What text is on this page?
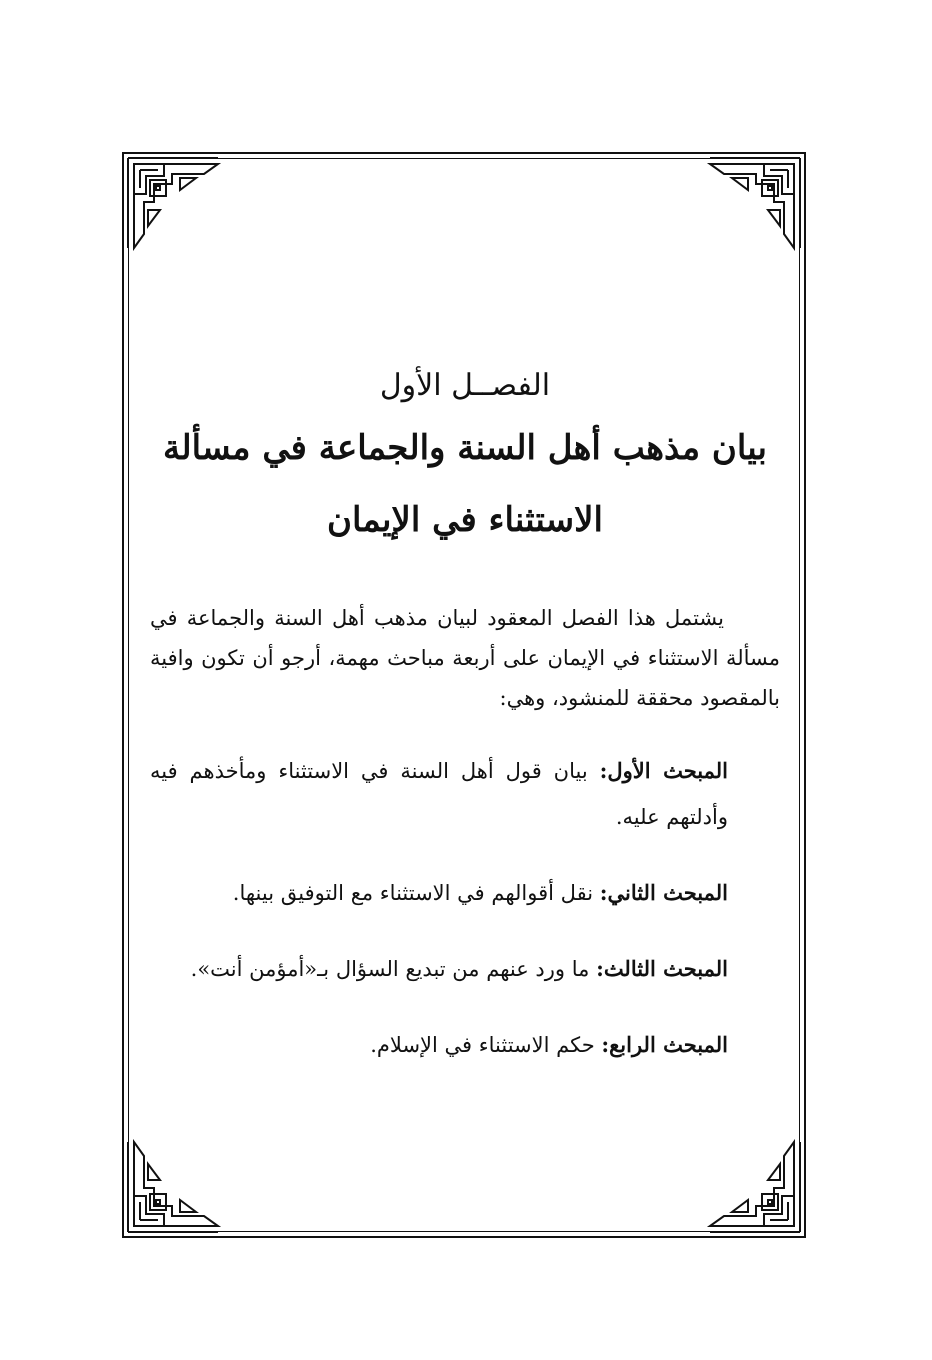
الفصــل الأول

بيان مذهب أهل السنة والجماعة في مسألة

الاستثناء في الإيمان

يشتمل هذا الفصل المعقود لبيان مذهب أهل السنة والجماعة في مسألة الاستثناء في الإيمان على أربعة مباحث مهمة، أرجو أن تكون وافية بالمقصود محققة للمنشود، وهي:

المبحث الأول: بيان قول أهل السنة في الاستثناء ومأخذهم فيه وأدلتهم عليه.

المبحث الثاني: نقل أقوالهم في الاستثناء مع التوفيق بينها.

المبحث الثالث: ما ورد عنهم من تبديع السؤال بـ«أمؤمن أنت».

المبحث الرابع: حكم الاستثناء في الإسلام.
